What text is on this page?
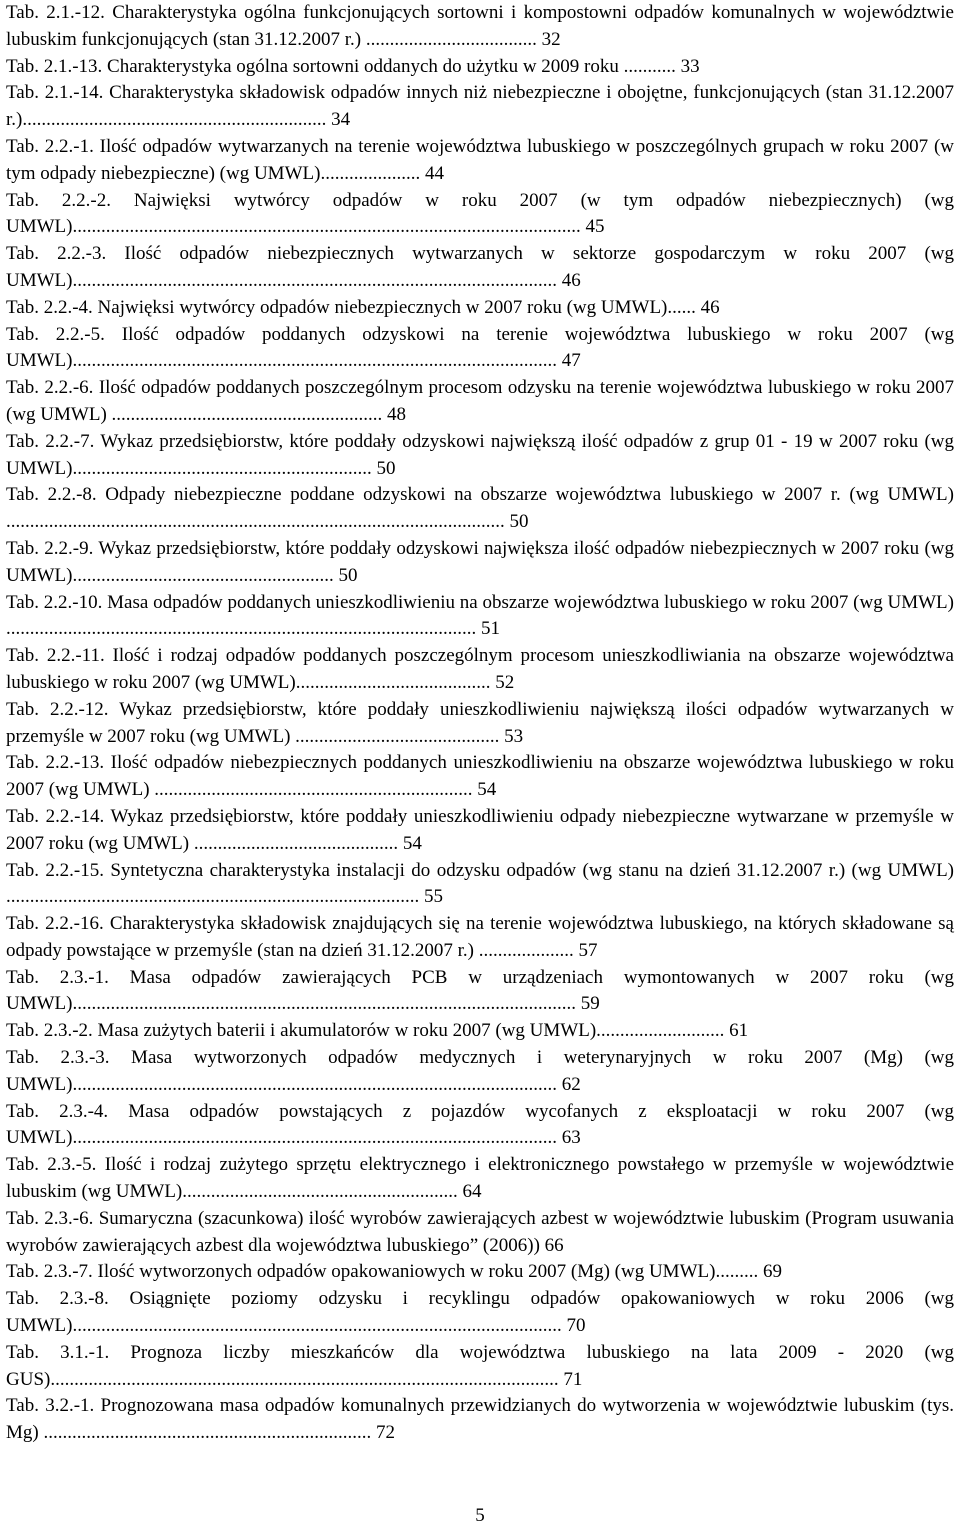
Tab. 2.1.-12. Charakterystyka ogólna funkcjonujących sortowni i kompostowni odpadów komunalnych w województwie lubuskim funkcjonujących (stan 31.12.2007 r.) .................................... 32
Tab. 2.1.-13. Charakterystyka ogólna sortowni oddanych do użytku w 2009 roku ........... 33
Tab. 2.1.-14. Charakterystyka składowisk odpadów innych niż niebezpieczne i obojętne, funkcjonujących (stan 31.12.2007 r.)................................................................ 34
Tab. 2.2.-1. Ilość odpadów wytwarzanych na terenie województwa lubuskiego w poszczególnych grupach w roku 2007 (w tym odpady niebezpieczne) (wg UMWL)..................... 44
Tab. 2.2.-2. Najwięksi wytwórcy odpadów w roku 2007 (w tym odpadów niebezpiecznych) (wg UMWL)........................................................................................................... 45
Tab. 2.2.-3. Ilość odpadów niebezpiecznych wytwarzanych w sektorze gospodarczym w roku 2007 (wg UMWL)...................................................................................................... 46
Tab. 2.2.-4. Najwięksi wytwórcy odpadów niebezpiecznych w 2007 roku (wg UMWL)...... 46
Tab. 2.2.-5. Ilość odpadów poddanych odzyskowi na terenie województwa lubuskiego w roku 2007 (wg UMWL)...................................................................................................... 47
Tab. 2.2.-6. Ilość odpadów poddanych poszczególnym procesom odzysku na terenie województwa lubuskiego w roku 2007 (wg UMWL) ......................................................... 48
Tab. 2.2.-7. Wykaz przedsiębiorstw, które poddały odzyskowi największą ilość odpadów z grup 01 - 19 w 2007 roku (wg UMWL)............................................................... 50
Tab. 2.2.-8. Odpady niebezpieczne poddane odzyskowi na obszarze województwa lubuskiego w 2007 r. (wg UMWL) ......................................................................................................... 50
Tab. 2.2.-9. Wykaz przedsiębiorstw, które poddały odzyskowi największa ilość odpadów niebezpiecznych w 2007 roku (wg UMWL)....................................................... 50
Tab. 2.2.-10. Masa odpadów poddanych unieszkodliwieniu na obszarze województwa lubuskiego w roku 2007 (wg UMWL) ................................................................................................... 51
Tab. 2.2.-11. Ilość i rodzaj odpadów poddanych poszczególnym procesom unieszkodliwiania na obszarze województwa lubuskiego w roku 2007 (wg UMWL)......................................... 52
Tab. 2.2.-12. Wykaz przedsiębiorstw, które poddały unieszkodliwieniu największą ilości odpadów wytwarzanych w przemyśle w 2007 roku (wg UMWL) ........................................... 53
Tab. 2.2.-13. Ilość odpadów niebezpiecznych poddanych unieszkodliwieniu na obszarze województwa lubuskiego w roku 2007 (wg UMWL) ................................................................... 54
Tab. 2.2.-14. Wykaz przedsiębiorstw, które poddały unieszkodliwieniu odpady niebezpieczne wytwarzane w przemyśle w 2007 roku (wg UMWL) ........................................... 54
Tab. 2.2.-15. Syntetyczna charakterystyka instalacji do odzysku odpadów (wg stanu na dzień 31.12.2007 r.) (wg UMWL) ....................................................................................... 55
Tab. 2.2.-16. Charakterystyka składowisk znajdujących się na terenie województwa lubuskiego, na których składowane są odpady powstające w przemyśle (stan na dzień 31.12.2007 r.) .................... 57
Tab. 2.3.-1. Masa odpadów zawierających PCB w urządzeniach wymontowanych w 2007 roku (wg UMWL).......................................................................................................... 59
Tab. 2.3.-2. Masa zużytych baterii i akumulatorów w roku 2007 (wg UMWL)........................... 61
Tab. 2.3.-3. Masa wytworzonych odpadów medycznych i weterynaryjnych w roku 2007 (Mg) (wg UMWL)...................................................................................................... 62
Tab. 2.3.-4. Masa odpadów powstających z pojazdów wycofanych z eksploatacji w roku 2007 (wg UMWL)...................................................................................................... 63
Tab. 2.3.-5. Ilość i rodzaj zużytego sprzętu elektrycznego i elektronicznego powstałego w przemyśle w województwie lubuskim (wg UMWL).......................................................... 64
Tab. 2.3.-6. Sumaryczna (szacunkowa) ilość wyrobów zawierających azbest w województwie lubuskim (Program usuwania wyrobów zawierających azbest dla województwa lubuskiego” (2006)) 66
Tab. 2.3.-7. Ilość wytworzonych odpadów opakowaniowych w roku 2007 (Mg) (wg UMWL)......... 69
Tab. 2.3.-8. Osiągnięte poziomy odzysku i recyklingu odpadów opakowaniowych w roku 2006 (wg UMWL)....................................................................................................... 70
Tab. 3.1.-1. Prognoza liczby mieszkańców dla województwa lubuskiego na lata 2009 - 2020 (wg GUS)........................................................................................................... 71
Tab. 3.2.-1. Prognozowana masa odpadów komunalnych przewidzianych do wytworzenia w województwie lubuskim (tys. Mg) ..................................................................... 72
5
